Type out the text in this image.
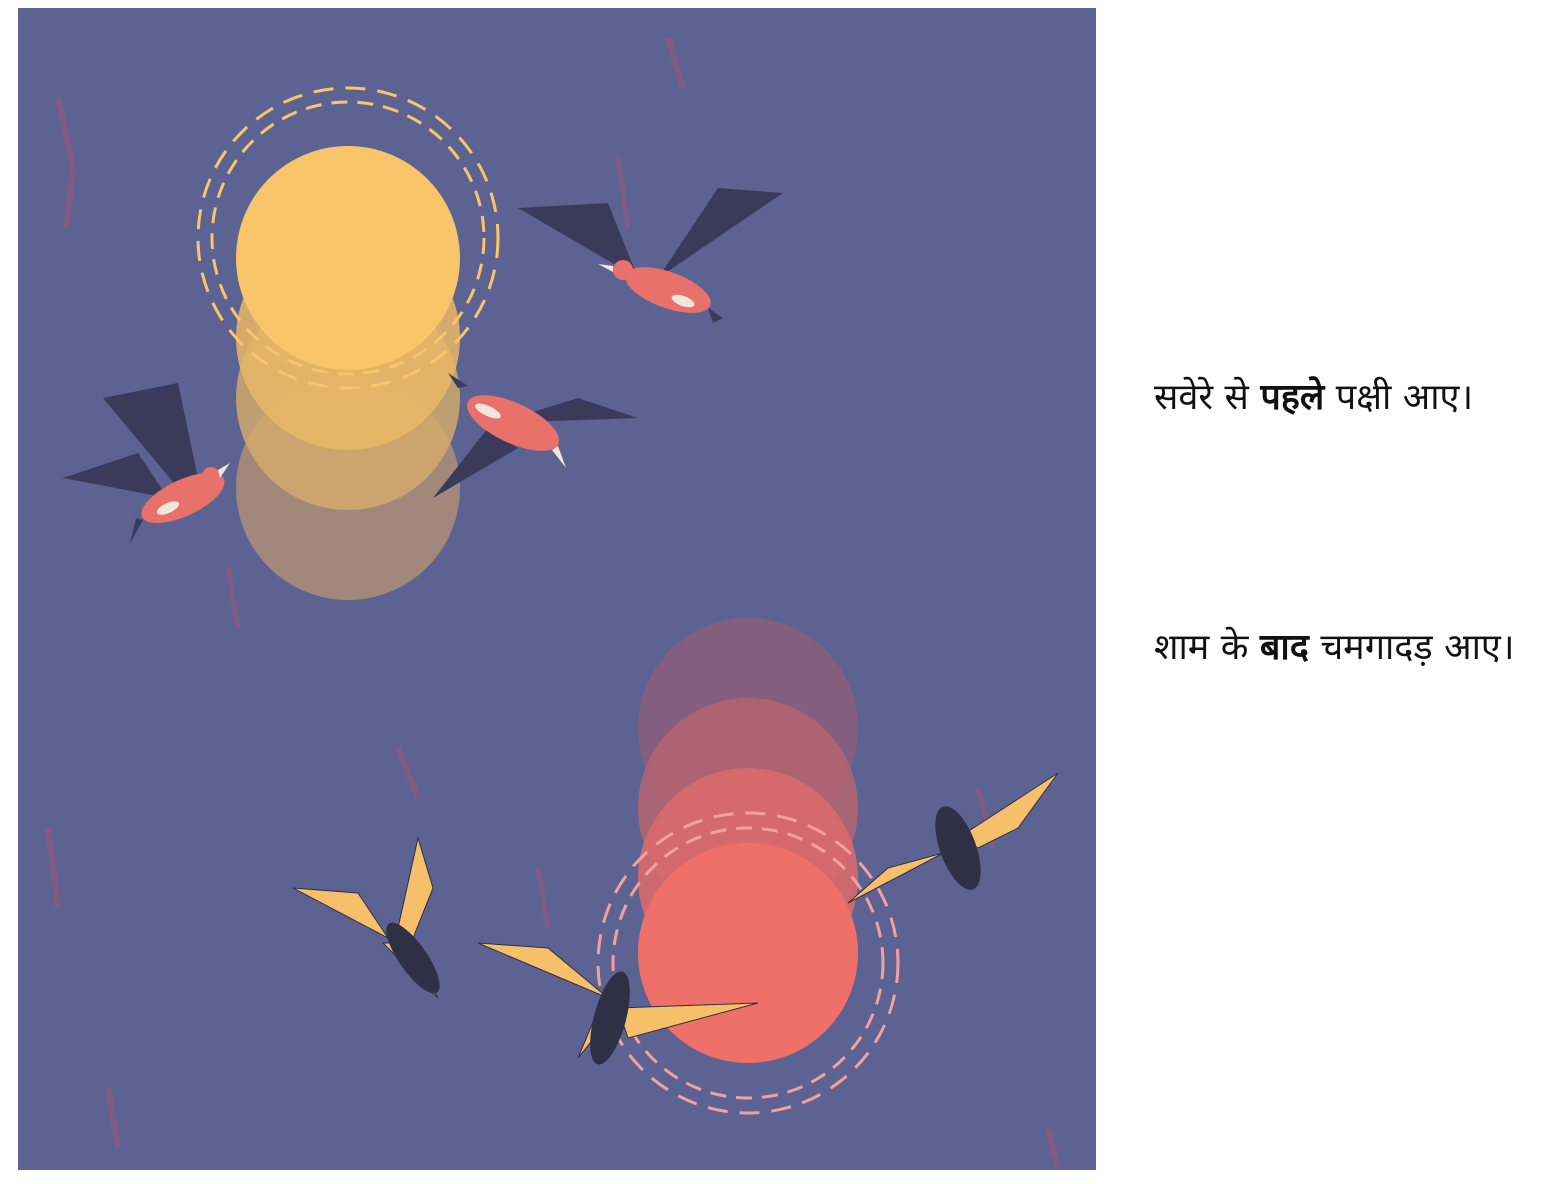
सवेरे से पहले पक्षी आए।

शाम के बाद चमगादड़ आए।
